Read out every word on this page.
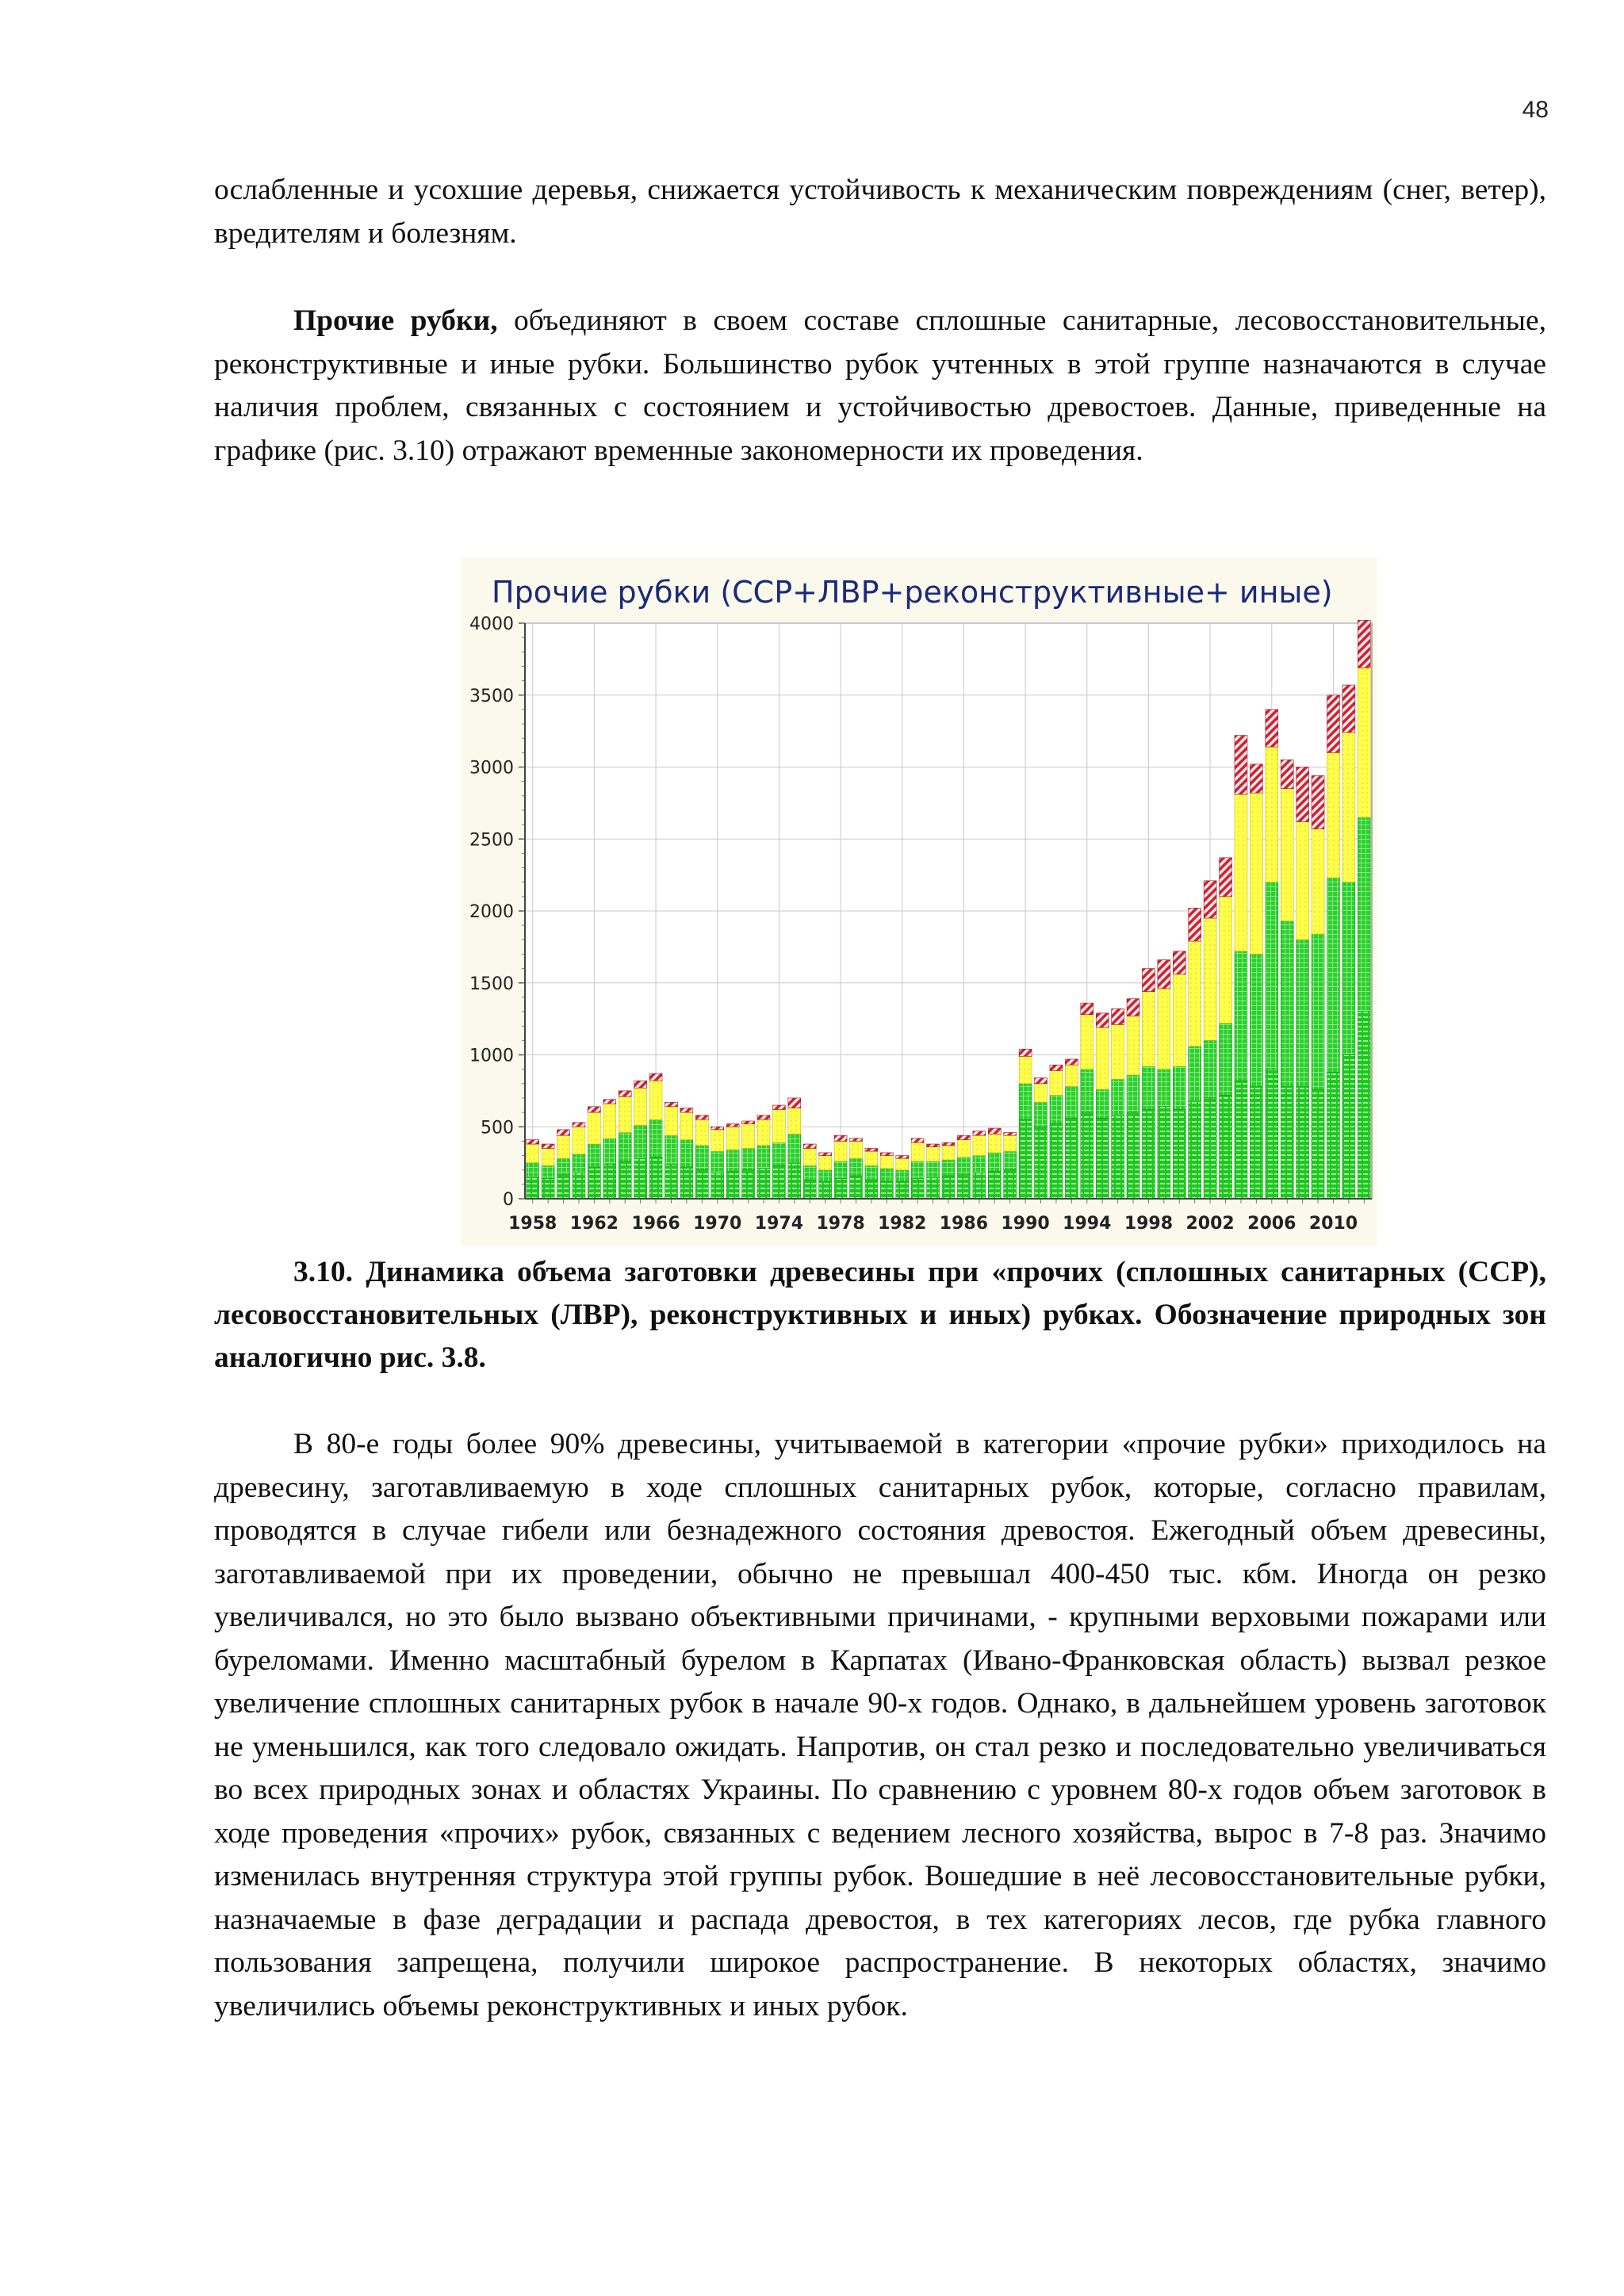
48

ослабленные и усохшие деревья, снижается устойчивость к механическим повреждениям (снег, ветер), вредителям и болезням.

Прочие рубки, объединяют в своем составе сплошные санитарные, лесовосстановительные, реконструктивные и иные рубки. Большинство рубок учтенных в этой группе назначаются в случае наличия проблем, связанных с состоянием и устойчивостью древостоев. Данные, приведенные на графике (рис. 3.10) отражают временные закономерности их проведения.

Прочие рубки (ССР+ЛВР+реконструктивные+ иные)
0
500
1000
1500
2000
2500
3000
3500
4000
1958 1962 1966 1970 1974 1978 1982 1986 1990 1994 1998 2002 2006 2010

3.10. Динамика объема заготовки древесины при «прочих (сплошных санитарных (ССР), лесовосстановительных (ЛВР), реконструктивных и иных) рубках. Обозначение природных зон аналогично рис. 3.8.

В 80-е годы более 90% древесины, учитываемой в категории «прочие рубки» приходилось на древесину, заготавливаемую в ходе сплошных санитарных рубок, которые, согласно правилам, проводятся в случае гибели или безнадежного состояния древостоя. Ежегодный объем древесины, заготавливаемой при их проведении, обычно не превышал 400-450 тыс. кбм. Иногда он резко увеличивался, но это было вызвано объективными причинами, - крупными верховыми пожарами или буреломами. Именно масштабный бурелом в Карпатах (Ивано-Франковская область) вызвал резкое увеличение сплошных санитарных рубок в начале 90-х годов. Однако, в дальнейшем уровень заготовок не уменьшился, как того следовало ожидать. Напротив, он стал резко и последовательно увеличиваться во всех природных зонах и областях Украины. По сравнению с уровнем 80-х годов объем заготовок в ходе проведения «прочих» рубок, связанных с ведением лесного хозяйства, вырос в 7-8 раз. Значимо изменилась внутренняя структура этой группы рубок. Вошедшие в неё лесовосстановительные рубки, назначаемые в фазе деградации и распада древостоя, в тех категориях лесов, где рубка главного пользования запрещена, получили широкое распространение. В некоторых областях, значимо увеличились объемы реконструктивных и иных рубок.
